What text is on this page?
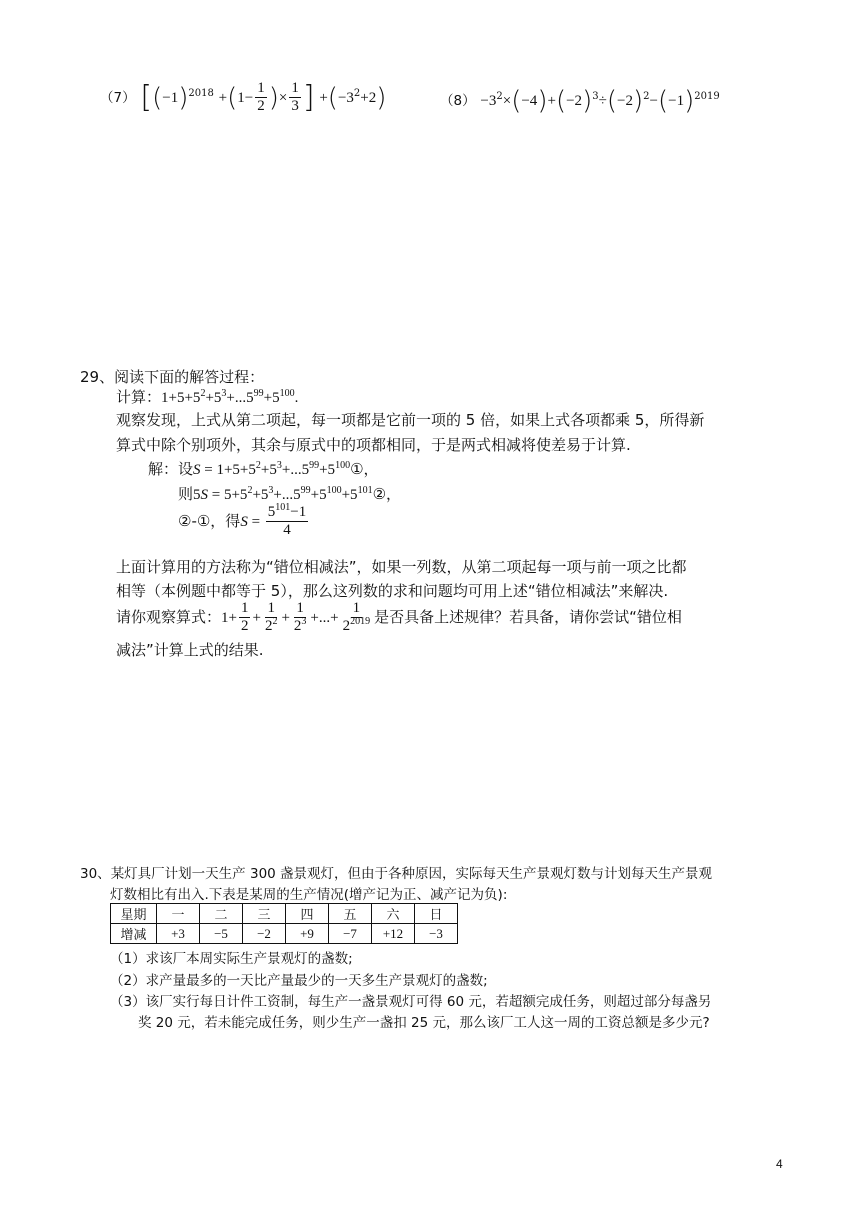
（7） [$(-1)^{2018} +(1- \frac{1}{2}$ )× $\frac{1}{3}$ ] $+(-3^2+2)$	$(8) -3^2\times(-4)+(-2)^3\div(-2)^2-(-1)^{2019}$
29、阅读下面的解答过程：
计算：$1+5+5^2+5^3+...5^{99}+5^{100}$.
观察发现，上式从第二项起，每一项都是它前一项的 5 倍，如果上式各项都乘 5，所得新
算式中除个别项外，其余与原式中的项都相同，于是两式相减将使差易于计算.
解：设$S = 1+5+5^2+5^3+...5^{99}+5^{100}①$，
则$5S = 5+5^2+5^3+...5^{99}+5^{100}+5^{101}②$，
②-①，得$S = \frac{5^{101}-1}{4}$
上面计算用的方法称为“错位相减法”，如果一列数，从第二项起每一项与前一项之比都
相等（本例题中都等于 5），那么这列数的求和问题均可用上述“错位相减法”来解决.
请你观察算式：$1+ \frac{1}{2} + \frac{1}{2^2} + \frac{1}{2^3}$ +...+ $\frac{1}{2^{2019}}$ 是否具备上述规律？若具备，请你尝试“错位相
减法”计算上式的结果.
30、某灯具厂计划一天生产 300 盏景观灯，但由于各种原因，实际每天生产景观灯数与计划每天生产景观
灯数相比有出入.下表是某周的生产情况(增产记为正、减产记为负):
星期	一	二	三	四	五	六	日
增减	+3	−5	−2	+9	−7	+12	−3
（1）求该厂本周实际生产景观灯的盏数;
（2）求产量最多的一天比产量最少的一天多生产景观灯的盏数;
（3）该厂实行每日计件工资制，每生产一盏景观灯可得 60 元，若超额完成任务，则超过部分每盏另
奖 20 元，若未能完成任务，则少生产一盏扣 25 元，那么该厂工人这一周的工资总额是多少元?
4
